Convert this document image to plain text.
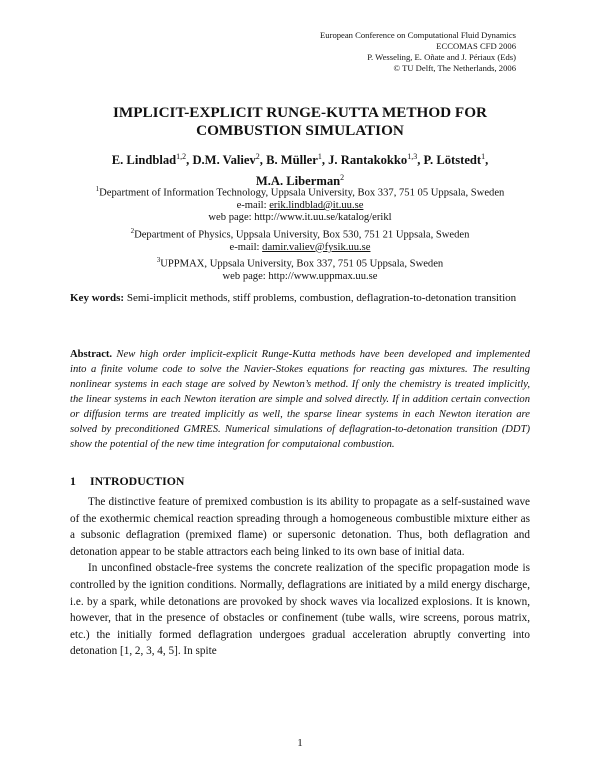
European Conference on Computational Fluid Dynamics
ECCOMAS CFD 2006
P. Wesseling, E. Oñate and J. Périaux (Eds)
© TU Delft, The Netherlands, 2006
IMPLICIT-EXPLICIT RUNGE-KUTTA METHOD FOR
COMBUSTION SIMULATION
E. Lindblad$^{1,2}$, D.M. Valiev$^2$, B. Müller$^1$, J. Rantakokko$^{1,3}$, P. Lötstedt$^1$,
M.A. Liberman$^2$
$^1$Department of Information Technology, Uppsala University, Box 337, 751 05 Uppsala, Sweden
e-mail: erik.lindblad@it.uu.se
web page: http://www.it.uu.se/katalog/erikl
$^2$Department of Physics, Uppsala University, Box 530, 751 21 Uppsala, Sweden
e-mail: damir.valiev@fysik.uu.se
$^3$UPPMAX, Uppsala University, Box 337, 751 05 Uppsala, Sweden
web page: http://www.uppmax.uu.se
Key words: Semi-implicit methods, stiff problems, combustion, deflagration-to-detonation transition
Abstract. New high order implicit-explicit Runge-Kutta methods have been developed and implemented into a finite volume code to solve the Navier-Stokes equations for reacting gas mixtures. The resulting nonlinear systems in each stage are solved by Newton’s method. If only the chemistry is treated implicitly, the linear systems in each Newton iteration are simple and solved directly. If in addition certain convection or diffusion terms are treated implicitly as well, the sparse linear systems in each Newton iteration are solved by preconditioned GMRES. Numerical simulations of deflagration-to-detonation transition (DDT) show the potential of the new time integration for computaional combustion.
1 INTRODUCTION

The distinctive feature of premixed combustion is its ability to propagate as a self-sustained wave of the exothermic chemical reaction spreading through a homogeneous combustible mixture either as a subsonic deflagration (premixed flame) or supersonic detonation. Thus, both deflagration and detonation appear to be stable attractors each being linked to its own base of initial data.

In unconfined obstacle-free systems the concrete realization of the specific propagation mode is controlled by the ignition conditions. Normally, deflagrations are initiated by a mild energy discharge, i.e. by a spark, while detonations are provoked by shock waves via localized explosions. It is known, however, that in the presence of obstacles or confinement (tube walls, wire screens, porous matrix, etc.) the initially formed deflagration undergoes gradual acceleration abruptly converting into detonation [1, 2, 3, 4, 5]. In spite

1
